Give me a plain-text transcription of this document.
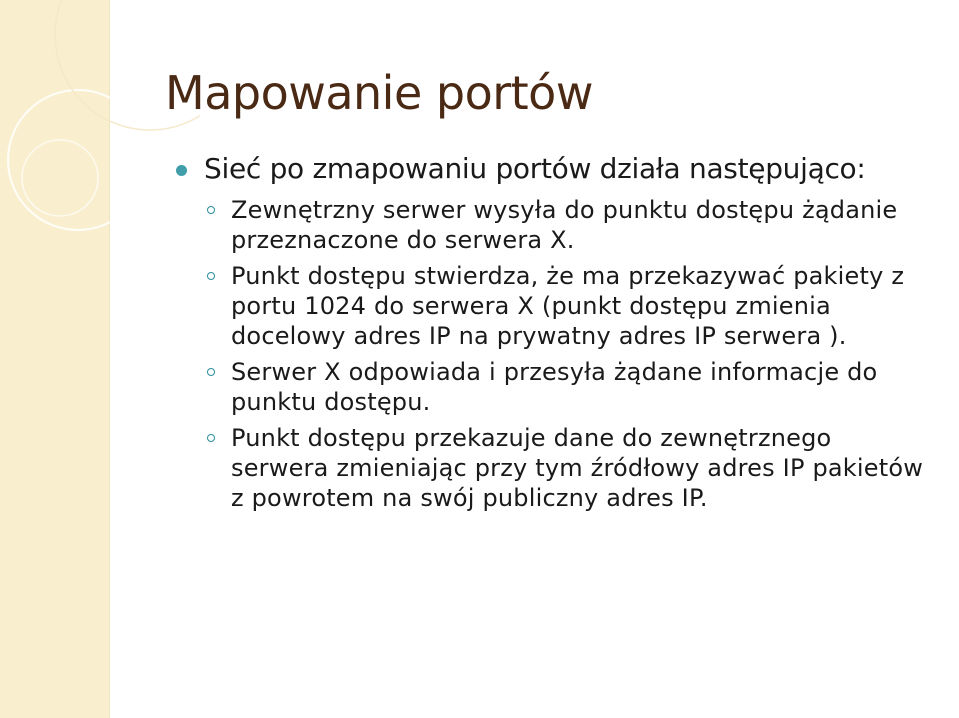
Mapowanie portów
Sieć po zmapowaniu portów działa następująco:
Zewnętrzny serwer wysyła do punktu dostępu żądanie przeznaczone do serwera X.
Punkt dostępu stwierdza, że ma przekazywać pakiety z portu 1024 do serwera X (punkt dostępu zmienia docelowy adres IP na prywatny adres IP serwera ).
Serwer X odpowiada i przesyła żądane informacje do punktu dostępu.
Punkt dostępu przekazuje dane do zewnętrznego serwera zmieniając przy tym źródłowy adres IP pakietów z powrotem na swój publiczny adres IP.
